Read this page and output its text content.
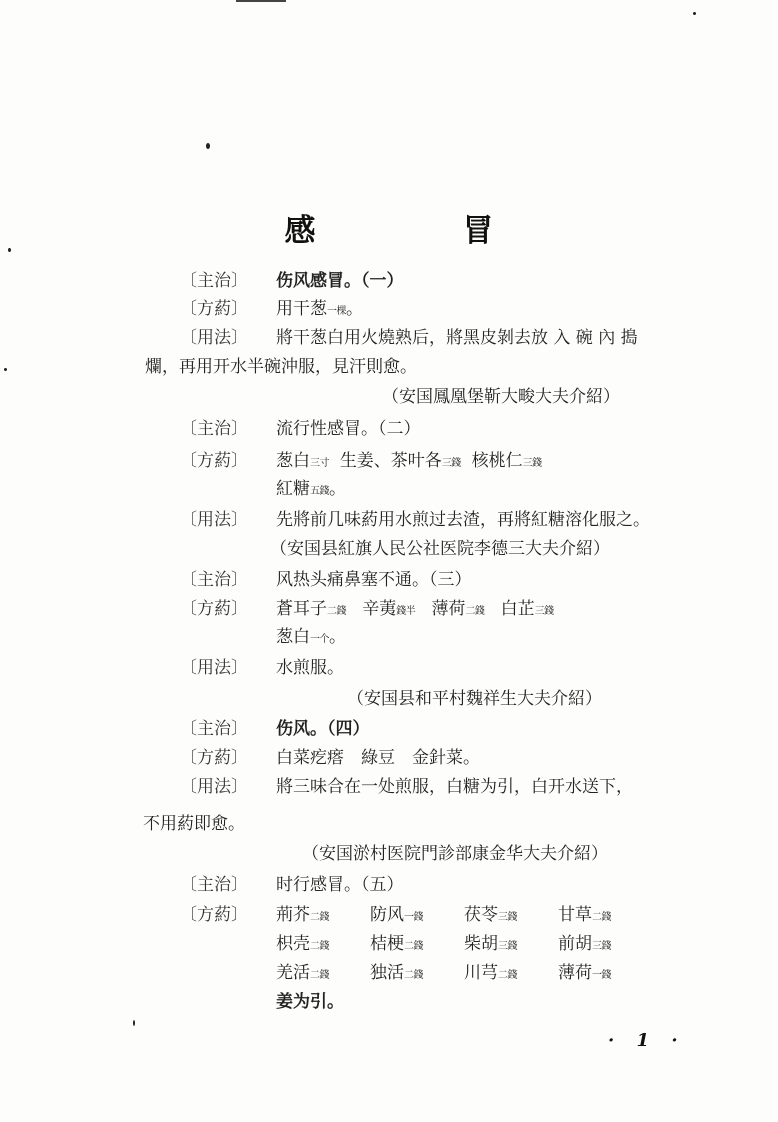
感　冒
〔主治〕 伤风感冒。（一）
〔方葯〕 用干葱一棵。
〔用法〕 將干葱白用火燒熟后，將黑皮剝去放 入 碗 內 搗
爛，再用开水半碗沖服，見汗則愈。
（安国鳳凰堡靳大畯大夫介紹）
〔主治〕 流行性感冒。（二）
〔方葯〕 葱白三寸 生姜、茶叶各三錢 核桃仁三錢
紅糖五錢。
〔用法〕 先將前几味葯用水煎过去渣，再將紅糖溶化服之。
（安国县紅旗人民公社医院李德三大夫介紹）
〔主治〕 风热头痛鼻塞不通。（三）
〔方葯〕 蒼耳子二錢 辛荑錢半 薄荷二錢 白芷三錢
葱白一个。
〔用法〕 水煎服。
（安国县和平村魏祥生大夫介紹）
〔主治〕 伤风。（四）
〔方葯〕 白菜疙瘩　綠豆　金針菜。
〔用法〕 將三味合在一处煎服，白糖为引，白开水送下，
不用葯即愈。
（安国淤村医院門診部康金华大夫介紹）
〔主治〕 时行感冒。（五）
〔方葯〕 荊芥二錢 防风一錢 茯苓三錢 甘草二錢
枳壳二錢 桔梗二錢 柴胡三錢 前胡三錢
羌活二錢 独活二錢 川芎二錢 薄荷一錢
姜为引。
· 1 ·
